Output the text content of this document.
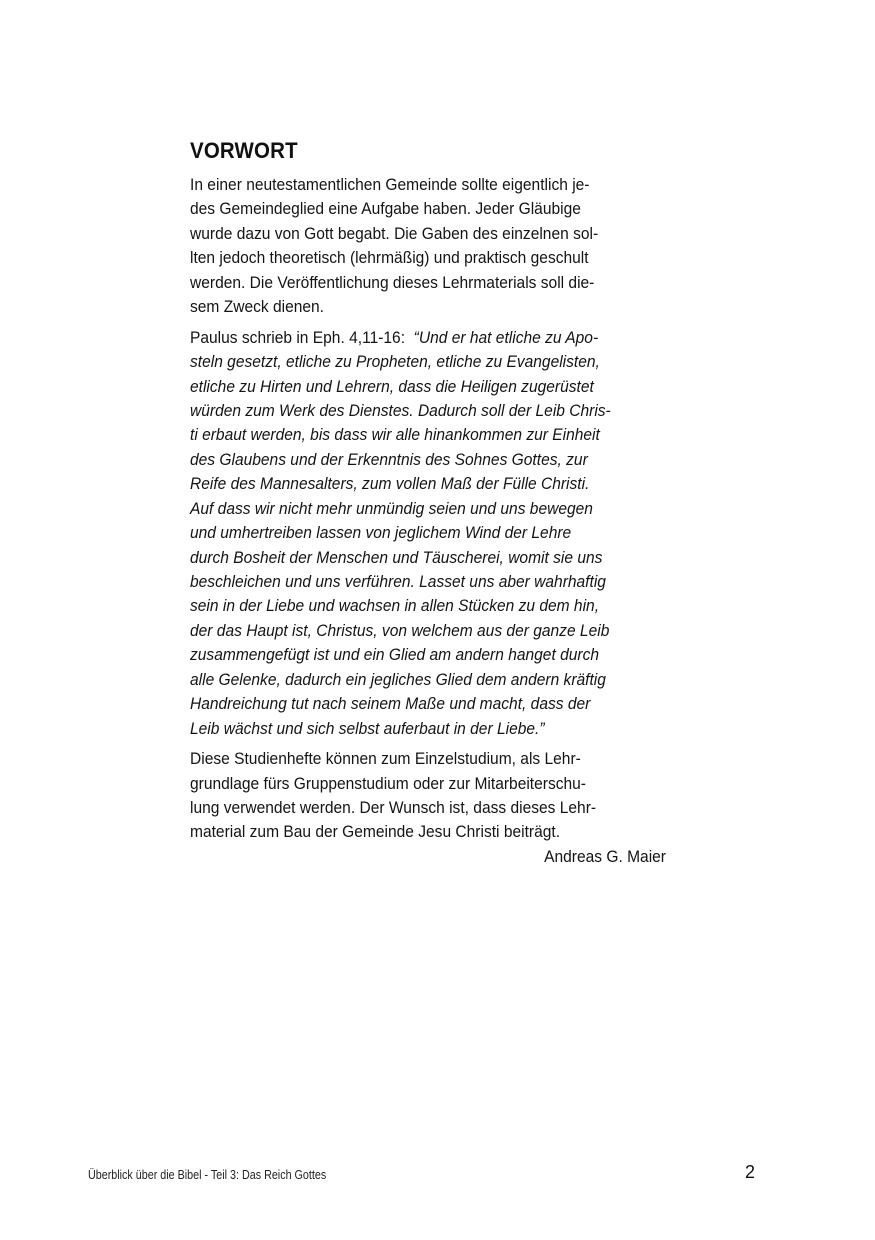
VORWORT
In einer neutestamentlichen Gemeinde sollte eigentlich je-
des Gemeindeglied eine Aufgabe haben. Jeder Gläubige
wurde dazu von Gott begabt. Die Gaben des einzelnen sol-
lten jedoch theoretisch (lehrmäßig) und praktisch geschult
werden. Die Veröffentlichung dieses Lehrmaterials soll die-
sem Zweck dienen.
Paulus schrieb in Eph. 4,11-16: “Und er hat etliche zu Apo-
steln gesetzt, etliche zu Propheten, etliche zu Evangelisten,
etliche zu Hirten und Lehrern, dass die Heiligen zugerüstet
würden zum Werk des Dienstes. Dadurch soll der Leib Chris-
ti erbaut werden, bis dass wir alle hinankommen zur Einheit
des Glaubens und der Erkenntnis des Sohnes Gottes, zur
Reife des Mannesalters, zum vollen Maß der Fülle Christi.
Auf dass wir nicht mehr unmündig seien und uns bewegen
und umhertreiben lassen von jeglichem Wind der Lehre
durch Bosheit der Menschen und Täuscherei, womit sie uns
beschleichen und uns verführen. Lasset uns aber wahrhaftig
sein in der Liebe und wachsen in allen Stücken zu dem hin,
der das Haupt ist, Christus, von welchem aus der ganze Leib
zusammengefügt ist und ein Glied am andern hanget durch
alle Gelenke, dadurch ein jegliches Glied dem andern kräftig
Handreichung tut nach seinem Maße und macht, dass der
Leib wächst und sich selbst auferbaut in der Liebe.”
Diese Studienhefte können zum Einzelstudium, als Lehr-
grundlage fürs Gruppenstudium oder zur Mitarbeiterschu-
lung verwendet werden. Der Wunsch ist, dass dieses Lehr-
material zum Bau der Gemeinde Jesu Christi beiträgt.
Andreas G. Maier
Überblick über die Bibel - Teil 3: Das Reich Gottes	2
